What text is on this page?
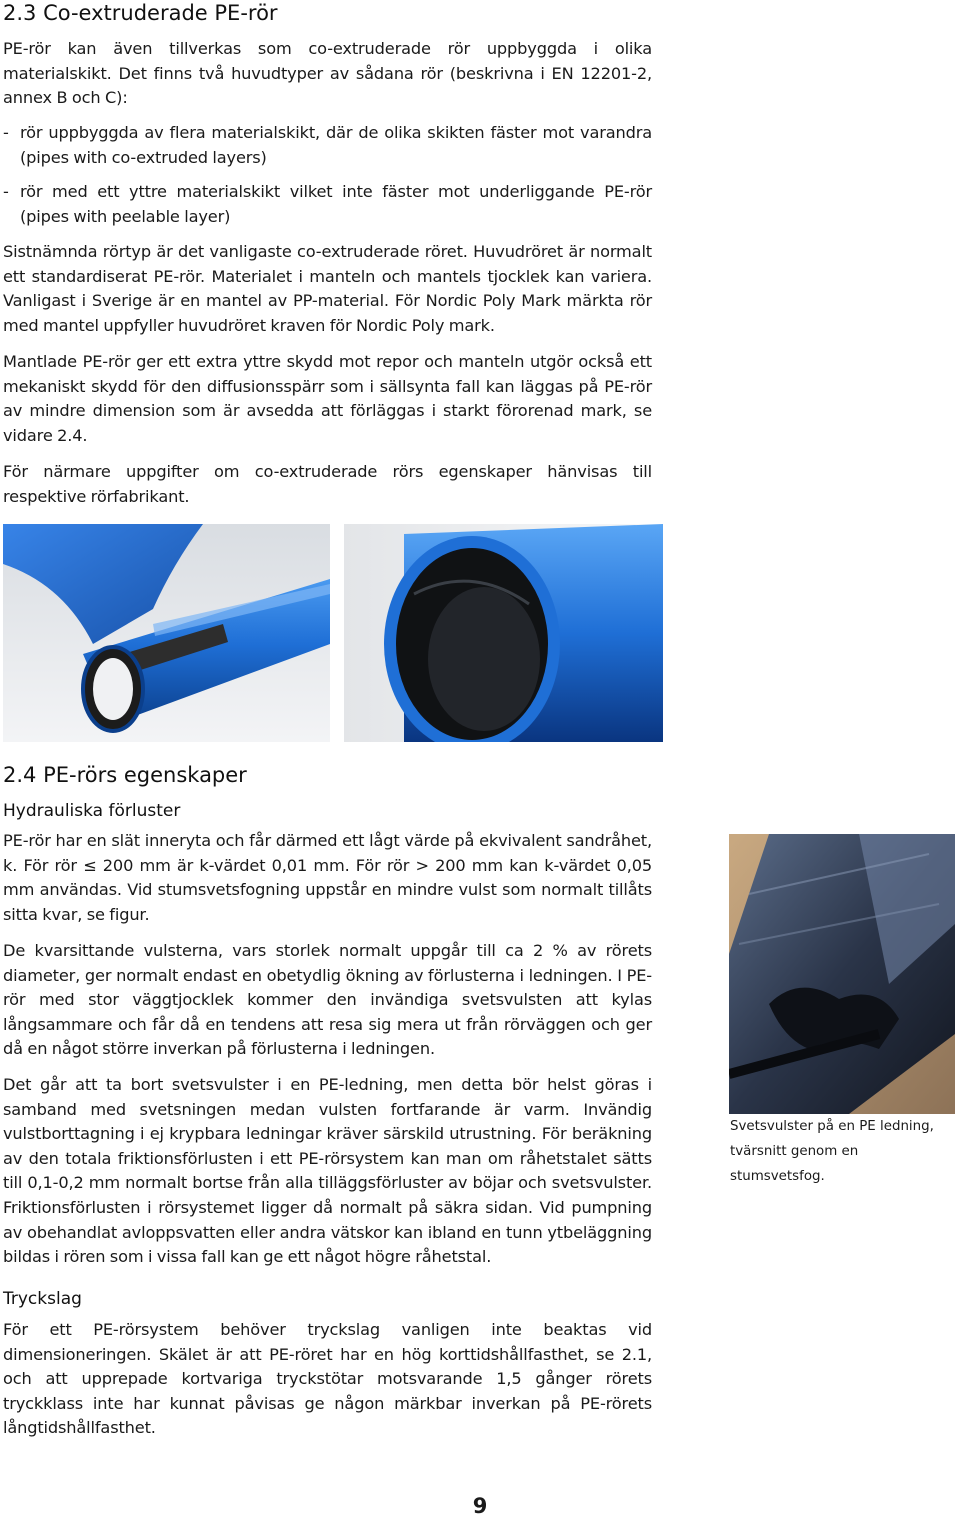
2.3 Co-extruderade PE-rör

PE-rör kan även tillverkas som co-extruderade rör uppbyggda i olika materialskikt. Det finns två huvudtyper av sådana rör (beskrivna i EN 12201-2, annex B och C):

- rör uppbyggda av flera materialskikt, där de olika skikten fäster mot varandra (pipes with co-extruded layers)

- rör med ett yttre materialskikt vilket inte fäster mot underliggande PE-rör (pipes with peelable layer)

Sistnämnda rörtyp är det vanligaste co-extruderade röret. Huvudröret är normalt ett standardiserat PE-rör. Materialet i manteln och mantels tjocklek kan variera. Vanligast i Sverige är en mantel av PP-material. För Nordic Poly Mark märkta rör med mantel uppfyller huvudröret kraven för Nordic Poly mark.

Mantlade PE-rör ger ett extra yttre skydd mot repor och manteln utgör också ett mekaniskt skydd för den diffusionsspärr som i sällsynta fall kan läggas på PE-rör av mindre dimension som är avsedda att förläggas i starkt förorenad mark, se vidare 2.4.

För närmare uppgifter om co-extruderade rörs egenskaper hänvisas till respektive rörfabrikant.

2.4 PE-rörs egenskaper
Hydrauliska förluster

PE-rör har en slät inneryta och får därmed ett lågt värde på ekvivalent sandråhet, k. För rör ≤ 200 mm är k-värdet 0,01 mm. För rör > 200 mm kan k-värdet 0,05 mm användas. Vid stumsvetsfogning uppstår en mindre vulst som normalt tillåts sitta kvar, se figur.

De kvarsittande vulsterna, vars storlek normalt uppgår till ca 2 % av rörets diameter, ger normalt endast en obetydlig ökning av förlusterna i ledningen. I PE-rör med stor väggtjocklek kommer den invändiga svetsvulsten att kylas långsammare och får då en tendens att resa sig mera ut från rörväggen och ger då en något större inverkan på förlusterna i ledningen.

Det går att ta bort svetsvulster i en PE-ledning, men detta bör helst göras i samband med svetsningen medan vulsten fortfarande är varm. Invändig vulstborttagning i ej krypbara ledningar kräver särskild utrustning. För beräkning av den totala friktionsförlusten i ett PE-rörsystem kan man om råhetstalet sätts till 0,1-0,2 mm normalt bortse från alla tilläggsförluster av böjar och svetsvulster. Friktionsförlusten i rörsystemet ligger då normalt på säkra sidan. Vid pumpning av obehandlat avloppsvatten eller andra vätskor kan ibland en tunn ytbeläggning bildas i rören som i vissa fall kan ge ett något högre råhetstal.

Tryckslag

För ett PE-rörsystem behöver tryckslag vanligen inte beaktas vid dimensioneringen. Skälet är att PE-röret har en hög korttidshållfasthet, se 2.1, och att upprepade kortvariga tryckstötar motsvarande 1,5 gånger rörets tryckklass inte har kunnat påvisas ge någon märkbar inverkan på PE-rörets långtidshållfasthet.

Svetsvulster på en PE ledning,
tvärsnitt genom en stumsvetsfog.
9
